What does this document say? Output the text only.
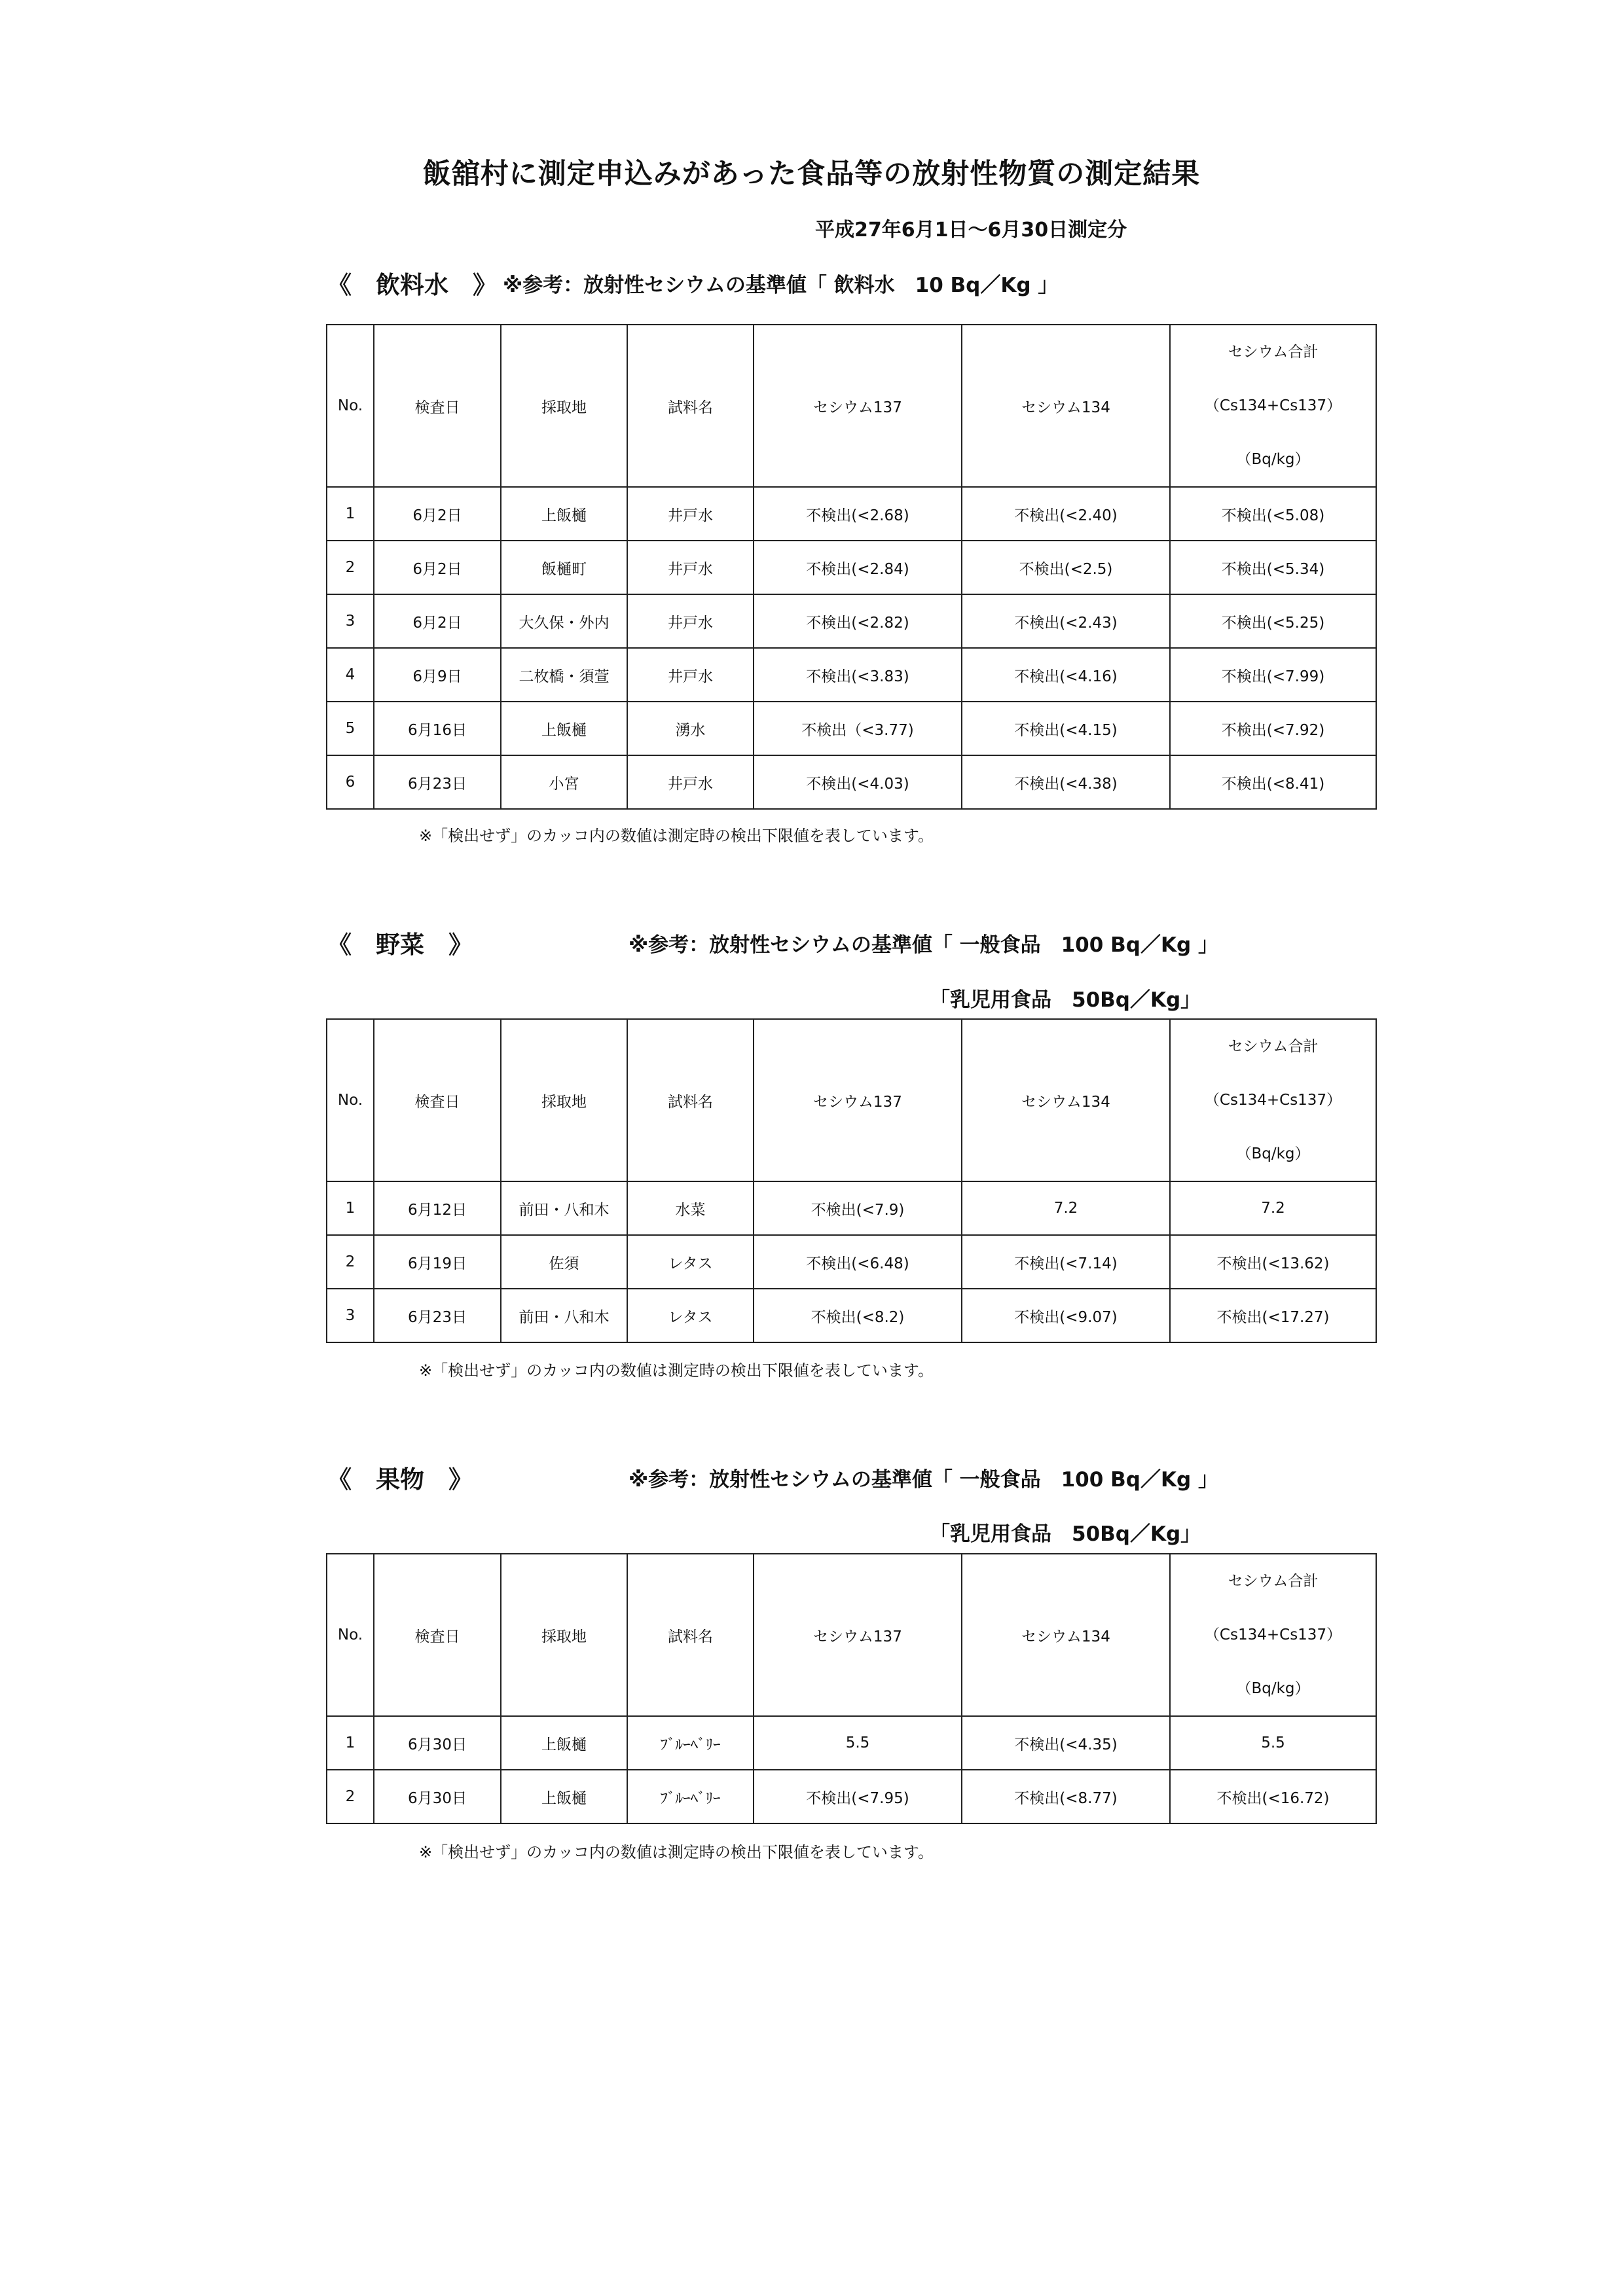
飯舘村に測定申込みがあった食品等の放射性物質の測定結果
平成27年6月1日～6月30日測定分
《　飲料水　》 ※参考：放射性セシウムの基準値「 飲料水　10 Bq／Kg 」
No.	検査日	採取地	試料名	セシウム137	セシウム134	セシウム合計
（Cs134+Cs137）
（Bq/kg）

1	6月2日	上飯樋	井戸水	不検出(<2.68)	不検出(<2.40)	不検出(<5.08)
2	6月2日	飯樋町	井戸水	不検出(<2.84)	不検出(<2.5)	不検出(<5.34)
3	6月2日	大久保・外内	井戸水	不検出(<2.82)	不検出(<2.43)	不検出(<5.25)
4	6月9日	二枚橋・須萱	井戸水	不検出(<3.83)	不検出(<4.16)	不検出(<7.99)
5	6月16日	上飯樋	湧水	不検出（<3.77)	不検出(<4.15)	不検出(<7.92)
6	6月23日	小宮	井戸水	不検出(<4.03)	不検出(<4.38)	不検出(<8.41)
※「検出せず」のカッコ内の数値は測定時の検出下限値を表しています。
《　野菜　》	※参考：放射性セシウムの基準値「 一般食品　100 Bq／Kg 」
「乳児用食品　50Bq／Kg」
No.	検査日	採取地	試料名	セシウム137	セシウム134	セシウム合計
（Cs134+Cs137）
（Bq/kg）

1	6月12日	前田・八和木	水菜	不検出(<7.9)	7.2	7.2
2	6月19日	佐須	レタス	不検出(<6.48)	不検出(<7.14)	不検出(<13.62)
3	6月23日	前田・八和木	レタス	不検出(<8.2)	不検出(<9.07)	不検出(<17.27)
※「検出せず」のカッコ内の数値は測定時の検出下限値を表しています。
《　果物　》	※参考：放射性セシウムの基準値「 一般食品　100 Bq／Kg 」
「乳児用食品　50Bq／Kg」
No.	検査日	採取地	試料名	セシウム137	セシウム134	セシウム合計
（Cs134+Cs137）
（Bq/kg）

1	6月30日	上飯樋	ﾌﾞﾙｰﾍﾞﾘｰ	5.5	不検出(<4.35)	5.5
2	6月30日	上飯樋	ﾌﾞﾙｰﾍﾞﾘｰ	不検出(<7.95)	不検出(<8.77)	不検出(<16.72)
※「検出せず」のカッコ内の数値は測定時の検出下限値を表しています。
